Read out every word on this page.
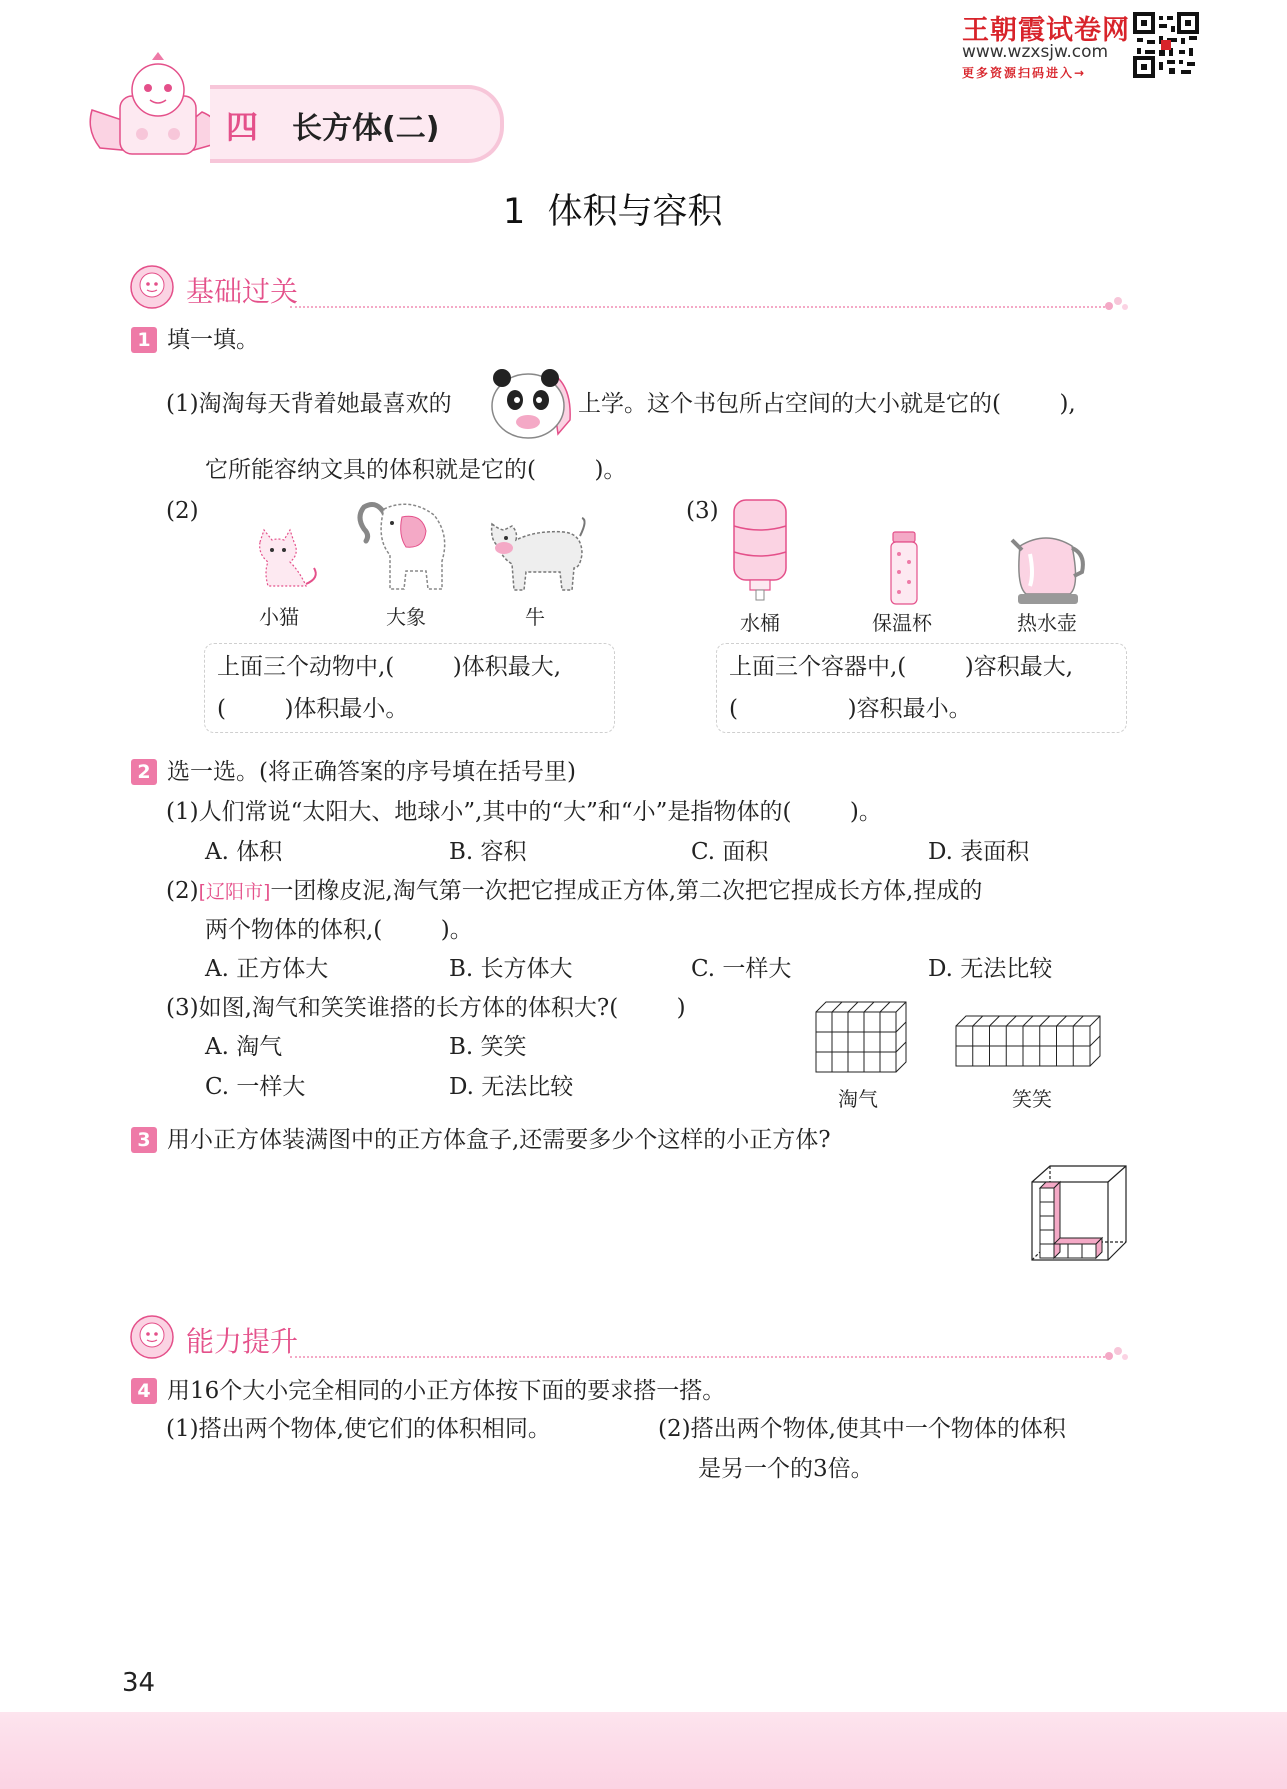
王朝霞试卷网
www.wzxsjw.com
更多资源扫码进入→
四 长方体(二)
1  体积与容积
基础过关
1 填一填。
(1)淘淘每天背着她最喜欢的	上学。这个书包所占空间的大小就是它的(        ),
它所能容纳文具的体积就是它的(        )。
(2)	(3)
小猫	大象	牛	水桶	保温杯	热水壶
上面三个动物中,(        )体积最大,
(        )体积最小。
上面三个容器中,(        )容积最大,
(               )容积最小。
2 选一选。(将正确答案的序号填在括号里)
(1)人们常说“太阳大、地球小”,其中的“大”和“小”是指物体的(        )。
A. 体积	B. 容积	C. 面积	D. 表面积
(2)[辽阳市]一团橡皮泥,淘气第一次把它捏成正方体,第二次把它捏成长方体,捏成的
两个物体的体积,(        )。
A. 正方体大	B. 长方体大	C. 一样大	D. 无法比较
(3)如图,淘气和笑笑谁搭的长方体的体积大?(        )
A. 淘气	B. 笑笑
C. 一样大	D. 无法比较	淘气	笑笑
3 用小正方体装满图中的正方体盒子,还需要多少个这样的小正方体?
能力提升
4 用16个大小完全相同的小正方体按下面的要求搭一搭。
(1)搭出两个物体,使它们的体积相同。	(2)搭出两个物体,使其中一个物体的体积
是另一个的3倍。
34
